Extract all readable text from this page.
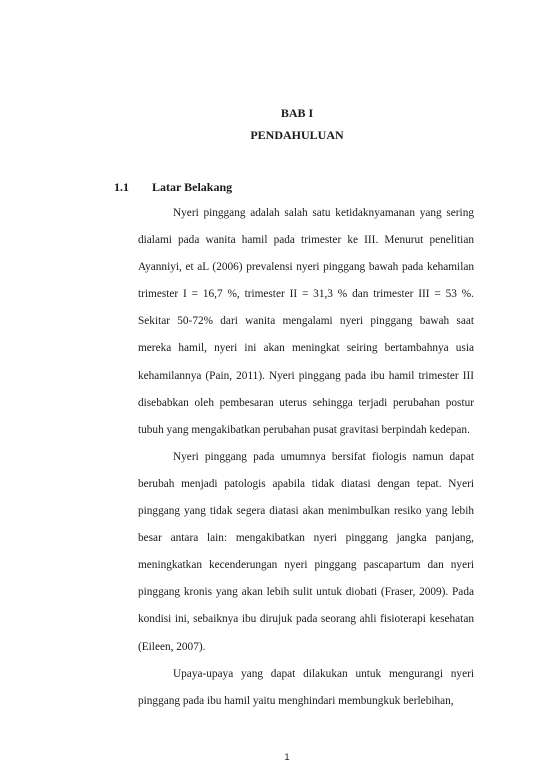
BAB I
PENDAHULUAN
1.1 Latar Belakang

Nyeri pinggang adalah salah satu ketidaknyamanan yang sering dialami pada wanita hamil pada trimester ke III. Menurut penelitian Ayanniyi, et aL (2006) prevalensi nyeri pinggang bawah pada kehamilan trimester I = 16,7 %, trimester II = 31,3 % dan trimester III = 53 %. Sekitar 50-72% dari wanita mengalami nyeri pinggang bawah saat mereka hamil, nyeri ini akan meningkat seiring bertambahnya usia kehamilannya (Pain, 2011). Nyeri pinggang pada ibu hamil trimester III disebabkan oleh pembesaran uterus sehingga terjadi perubahan postur tubuh yang mengakibatkan perubahan pusat gravitasi berpindah kedepan.

Nyeri pinggang pada umumnya bersifat fiologis namun dapat berubah menjadi patologis apabila tidak diatasi dengan tepat. Nyeri pinggang yang tidak segera diatasi akan menimbulkan resiko yang lebih besar antara lain: mengakibatkan nyeri pinggang jangka panjang, meningkatkan kecenderungan nyeri pinggang pascapartum dan nyeri pinggang kronis yang akan lebih sulit untuk diobati (Fraser, 2009). Pada kondisi ini, sebaiknya ibu dirujuk pada seorang ahli fisioterapi kesehatan (Eileen, 2007).

Upaya-upaya yang dapat dilakukan untuk mengurangi nyeri pinggang pada ibu hamil yaitu menghindari membungkuk berlebihan,

1
